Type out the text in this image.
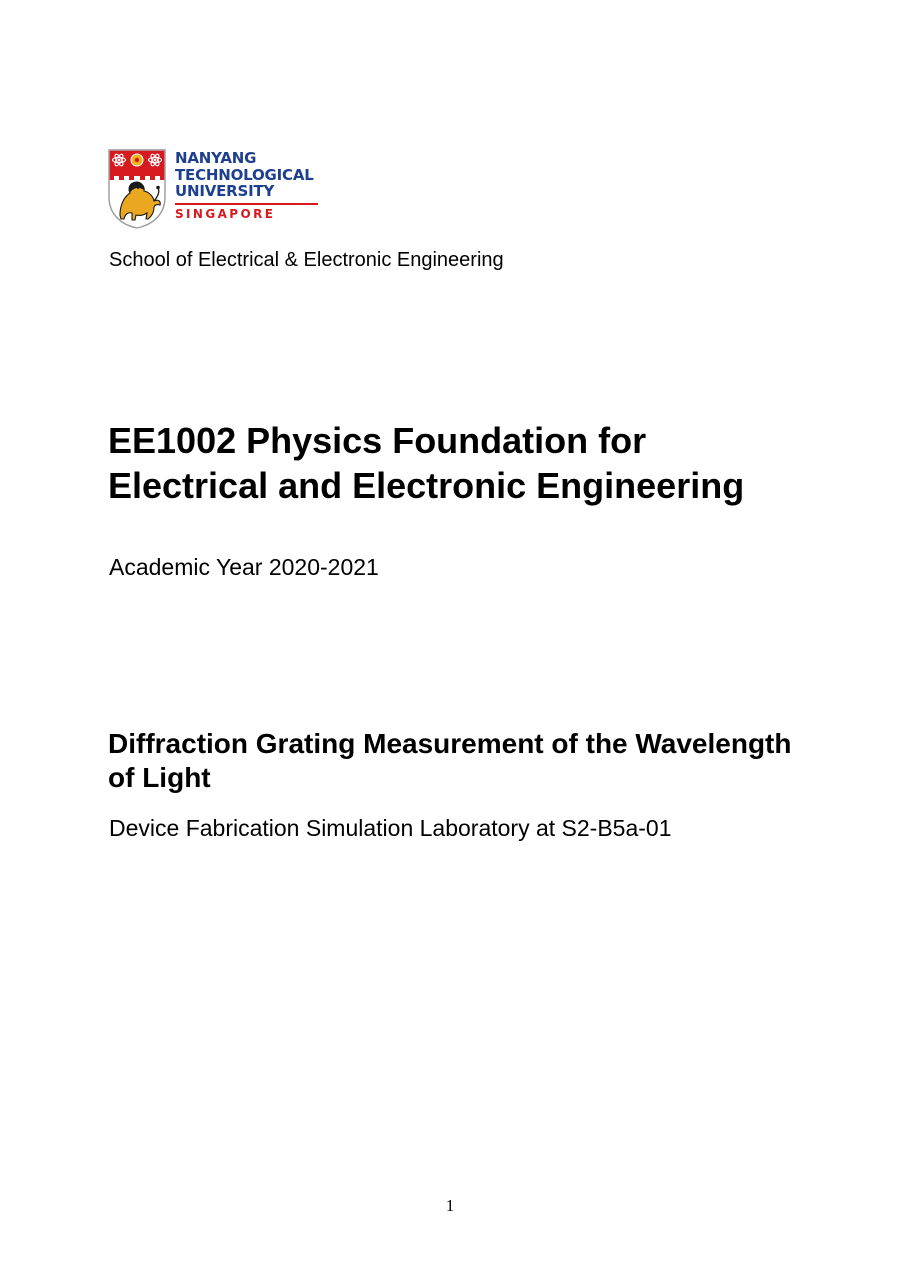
NANYANG
TECHNOLOGICAL
UNIVERSITY
SINGAPORE
School of Electrical & Electronic Engineering
EE1002 Physics Foundation for Electrical and Electronic Engineering
Academic Year 2020-2021
Diffraction Grating Measurement of the Wavelength of Light
Device Fabrication Simulation Laboratory at S2-B5a-01
1
